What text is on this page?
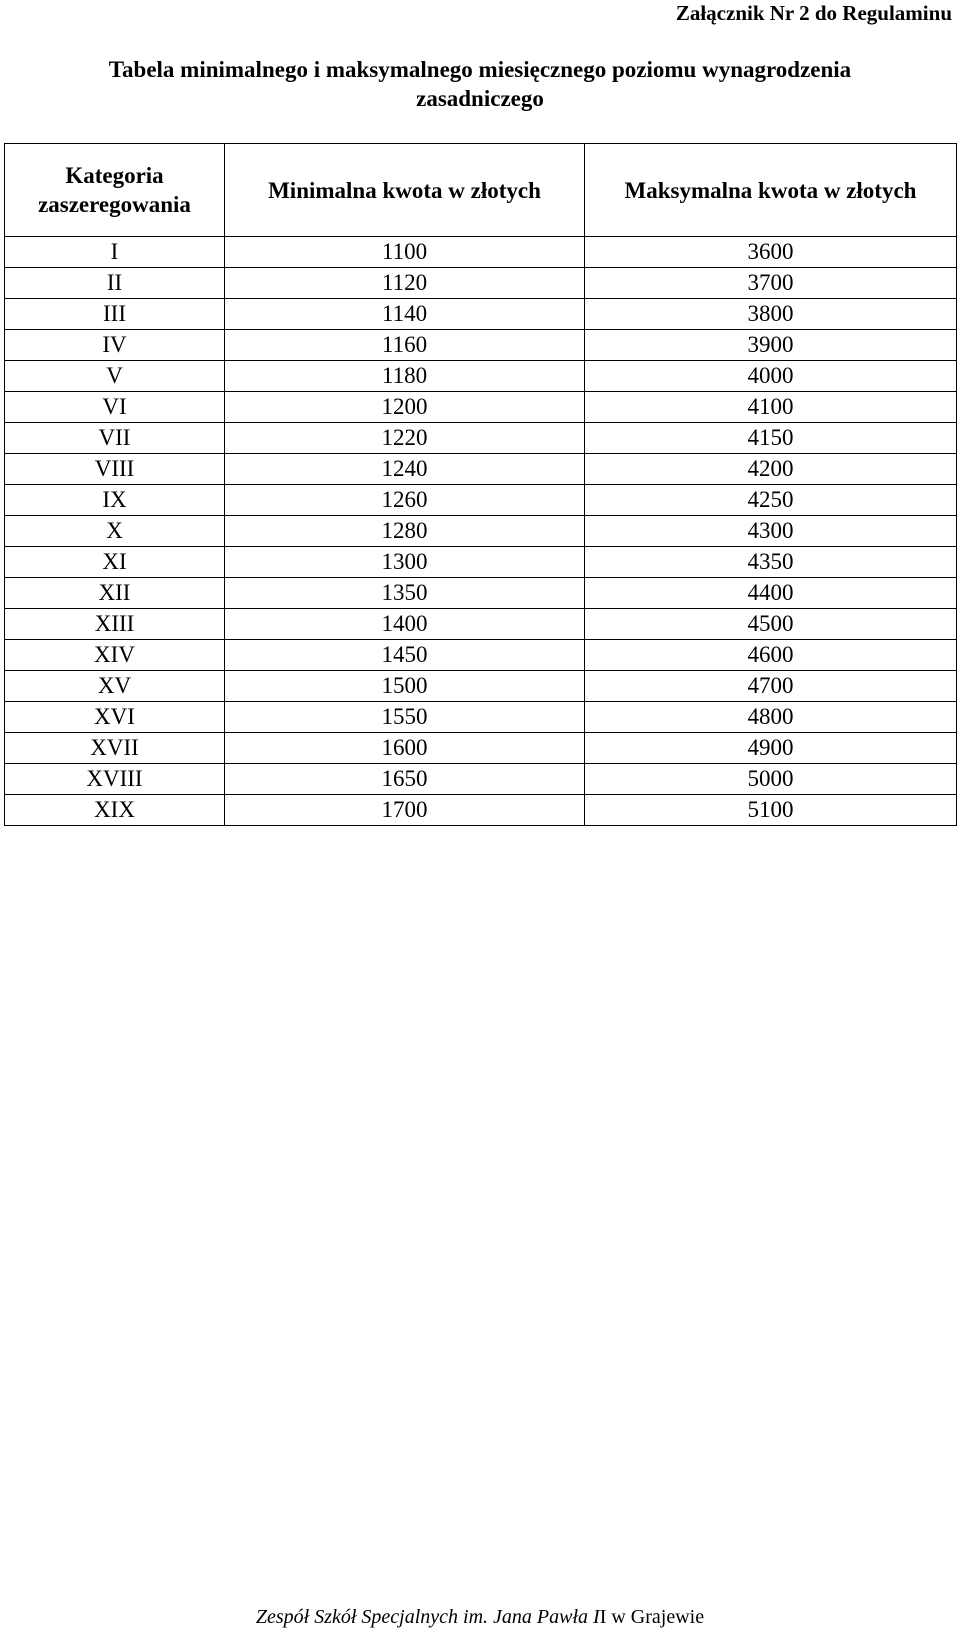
Załącznik Nr 2 do Regulaminu
Tabela minimalnego i maksymalnego miesięcznego poziomu wynagrodzenia
zasadniczego
Kategoria
zaszeregowania	Minimalna kwota w złotych	Maksymalna kwota w złotych
I	1100	3600
II	1120	3700
III	1140	3800
IV	1160	3900
V	1180	4000
VI	1200	4100
VII	1220	4150
VIII	1240	4200
IX	1260	4250
X	1280	4300
XI	1300	4350
XII	1350	4400
XIII	1400	4500
XIV	1450	4600
XV	1500	4700
XVI	1550	4800
XVII	1600	4900
XVIII	1650	5000
XIX	1700	5100
Zespół Szkół Specjalnych im. Jana Pawła II w Grajewie
